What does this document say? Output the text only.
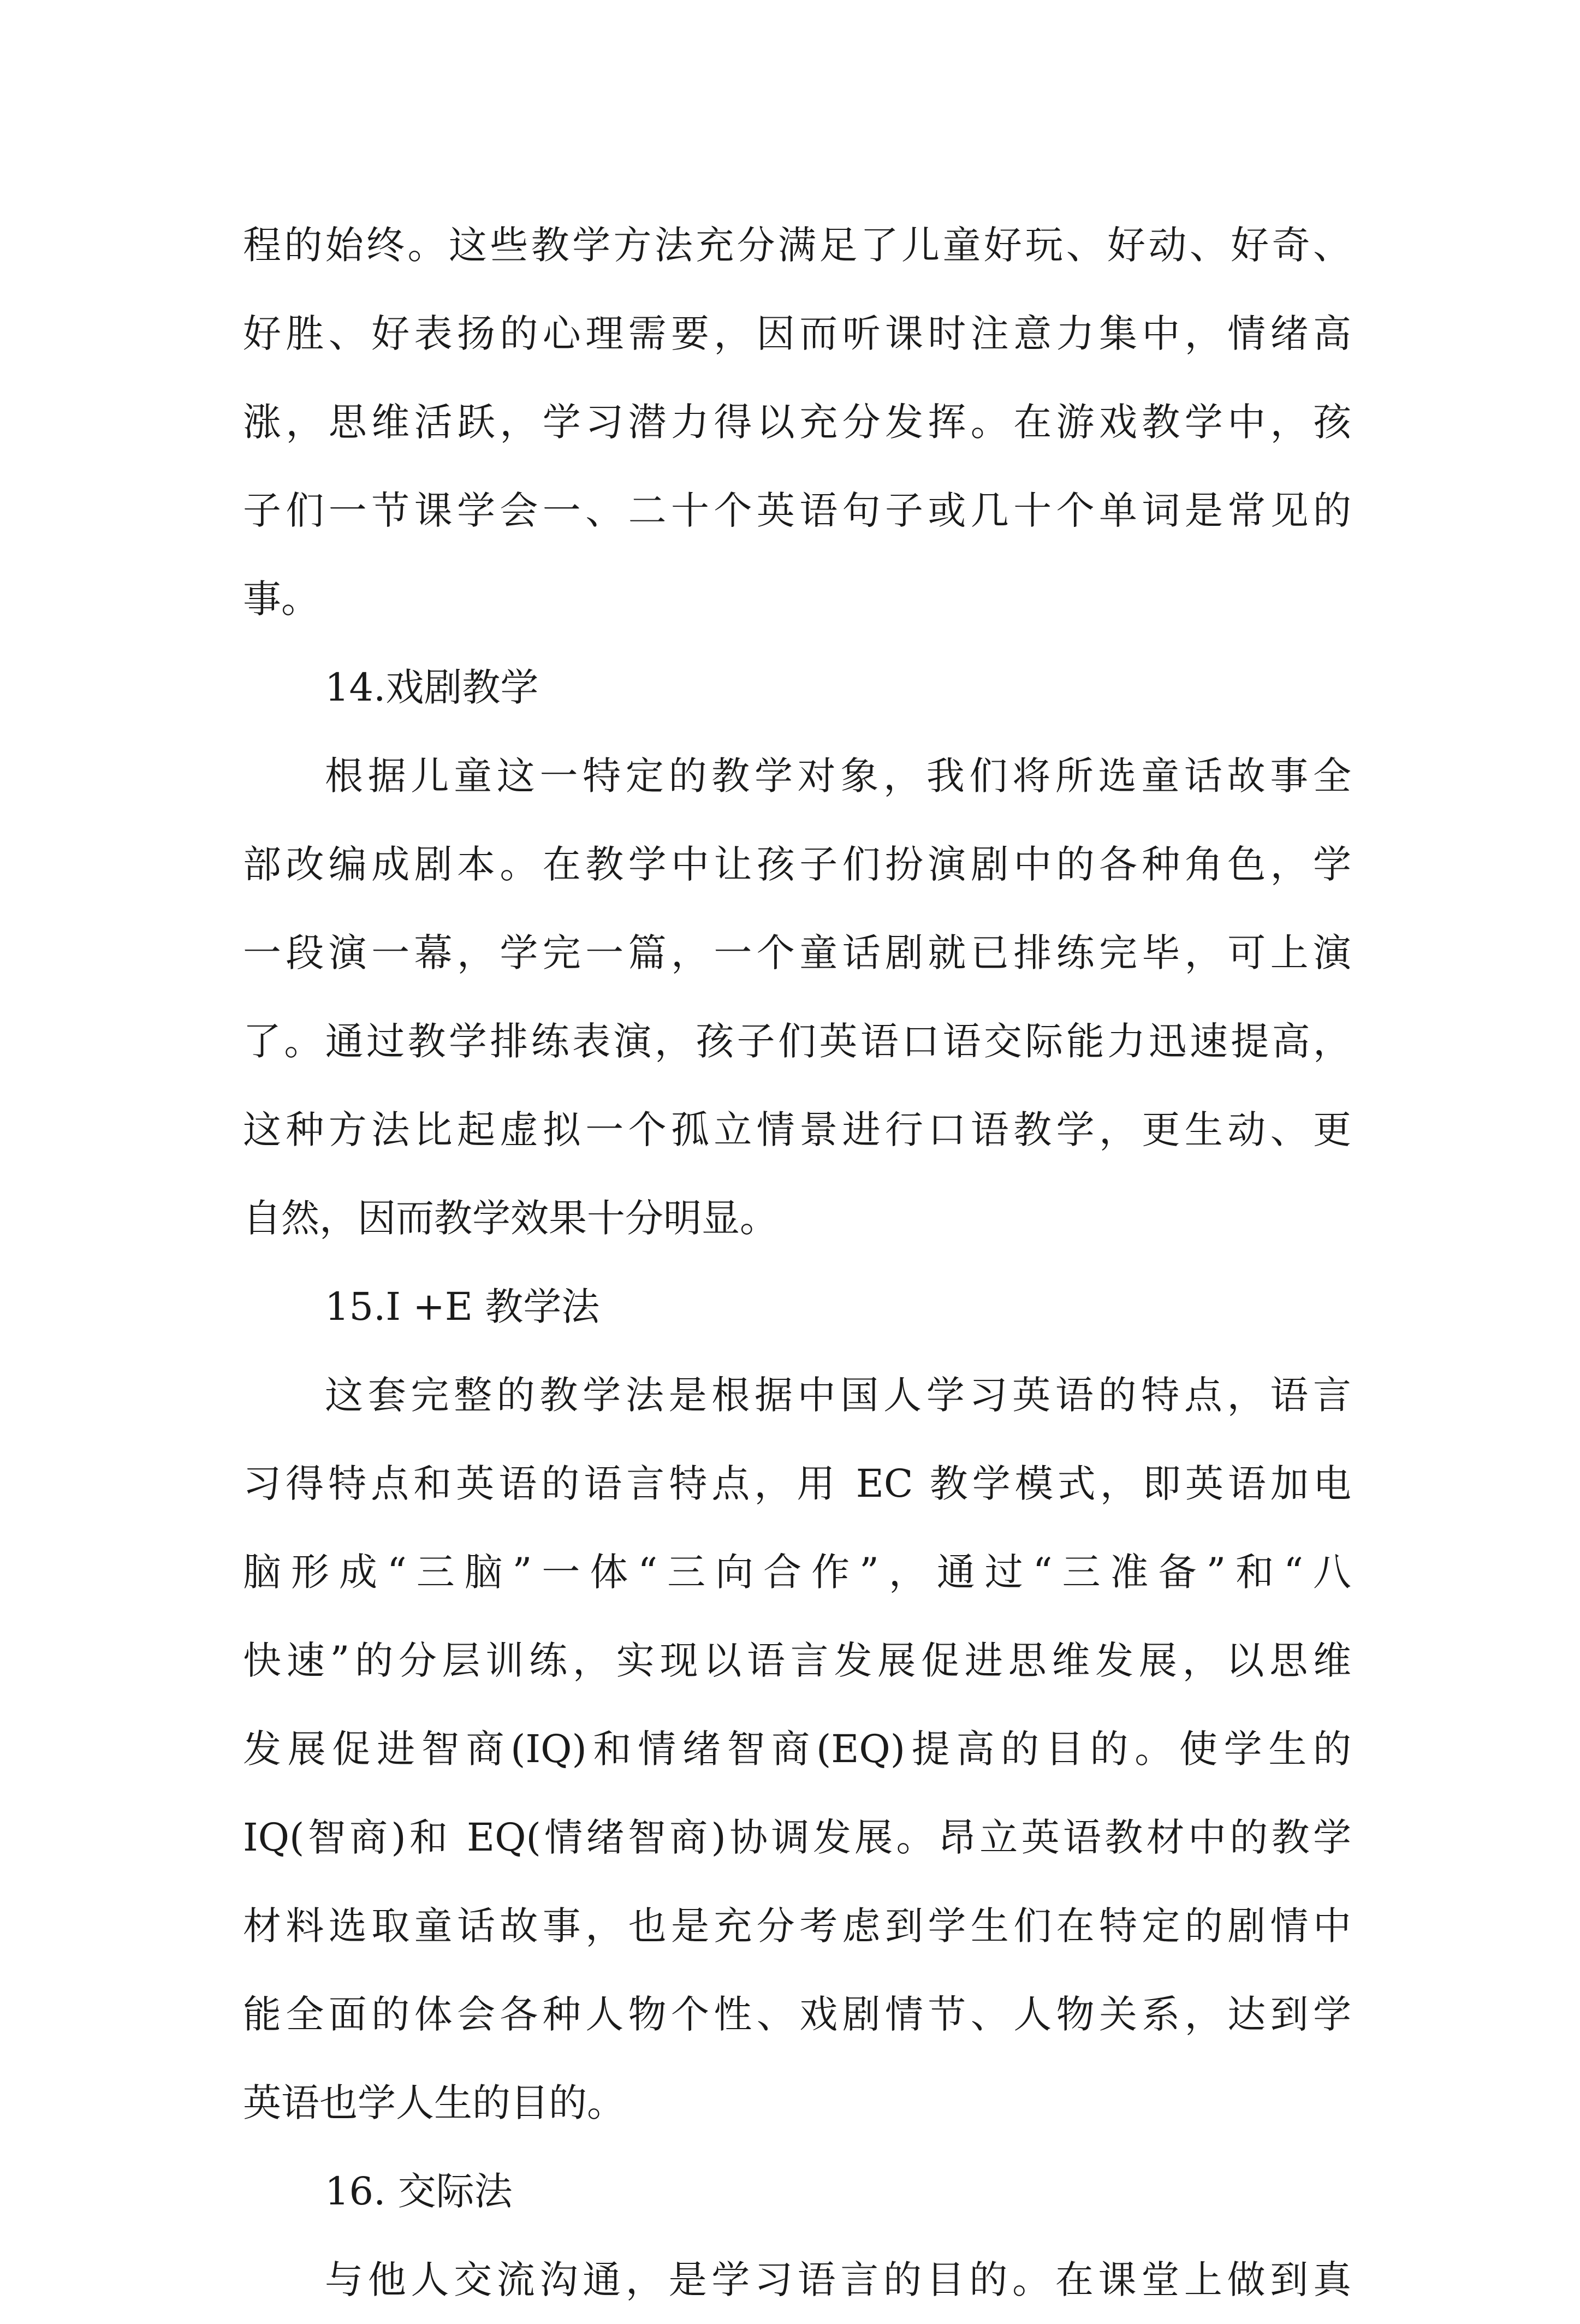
程的始终。这些教学方法充分满足了儿童好玩、好动、好奇、
好胜、好表扬的心理需要，因而听课时注意力集中，情绪高
涨，思维活跃，学习潜力得以充分发挥。在游戏教学中，孩
子们一节课学会一、二十个英语句子或几十个单词是常见的
事。
14.戏剧教学
根据儿童这一特定的教学对象，我们将所选童话故事全
部改编成剧本。在教学中让孩子们扮演剧中的各种角色，学
一段演一幕，学完一篇，一个童话剧就已排练完毕，可上演
了。通过教学排练表演，孩子们英语口语交际能力迅速提高，
这种方法比起虚拟一个孤立情景进行口语教学，更生动、更
自然，因而教学效果十分明显。
15.I +E 教学法
这套完整的教学法是根据中国人学习英语的特点，语言
习得特点和英语的语言特点，用 EC 教学模式，即英语加电
脑形成“三脑”一体“三向合作”，通过“三准备”和“八
快速”的分层训练，实现以语言发展促进思维发展，以思维
发展促进智商(IQ)和情绪智商(EQ)提高的目的。使学生的
IQ(智商)和 EQ(情绪智商)协调发展。昂立英语教材中的教学
材料选取童话故事，也是充分考虑到学生们在特定的剧情中
能全面的体会各种人物个性、戏剧情节、人物关系，达到学
英语也学人生的目的。
16. 交际法
与他人交流沟通，是学习语言的目的。在课堂上做到真
